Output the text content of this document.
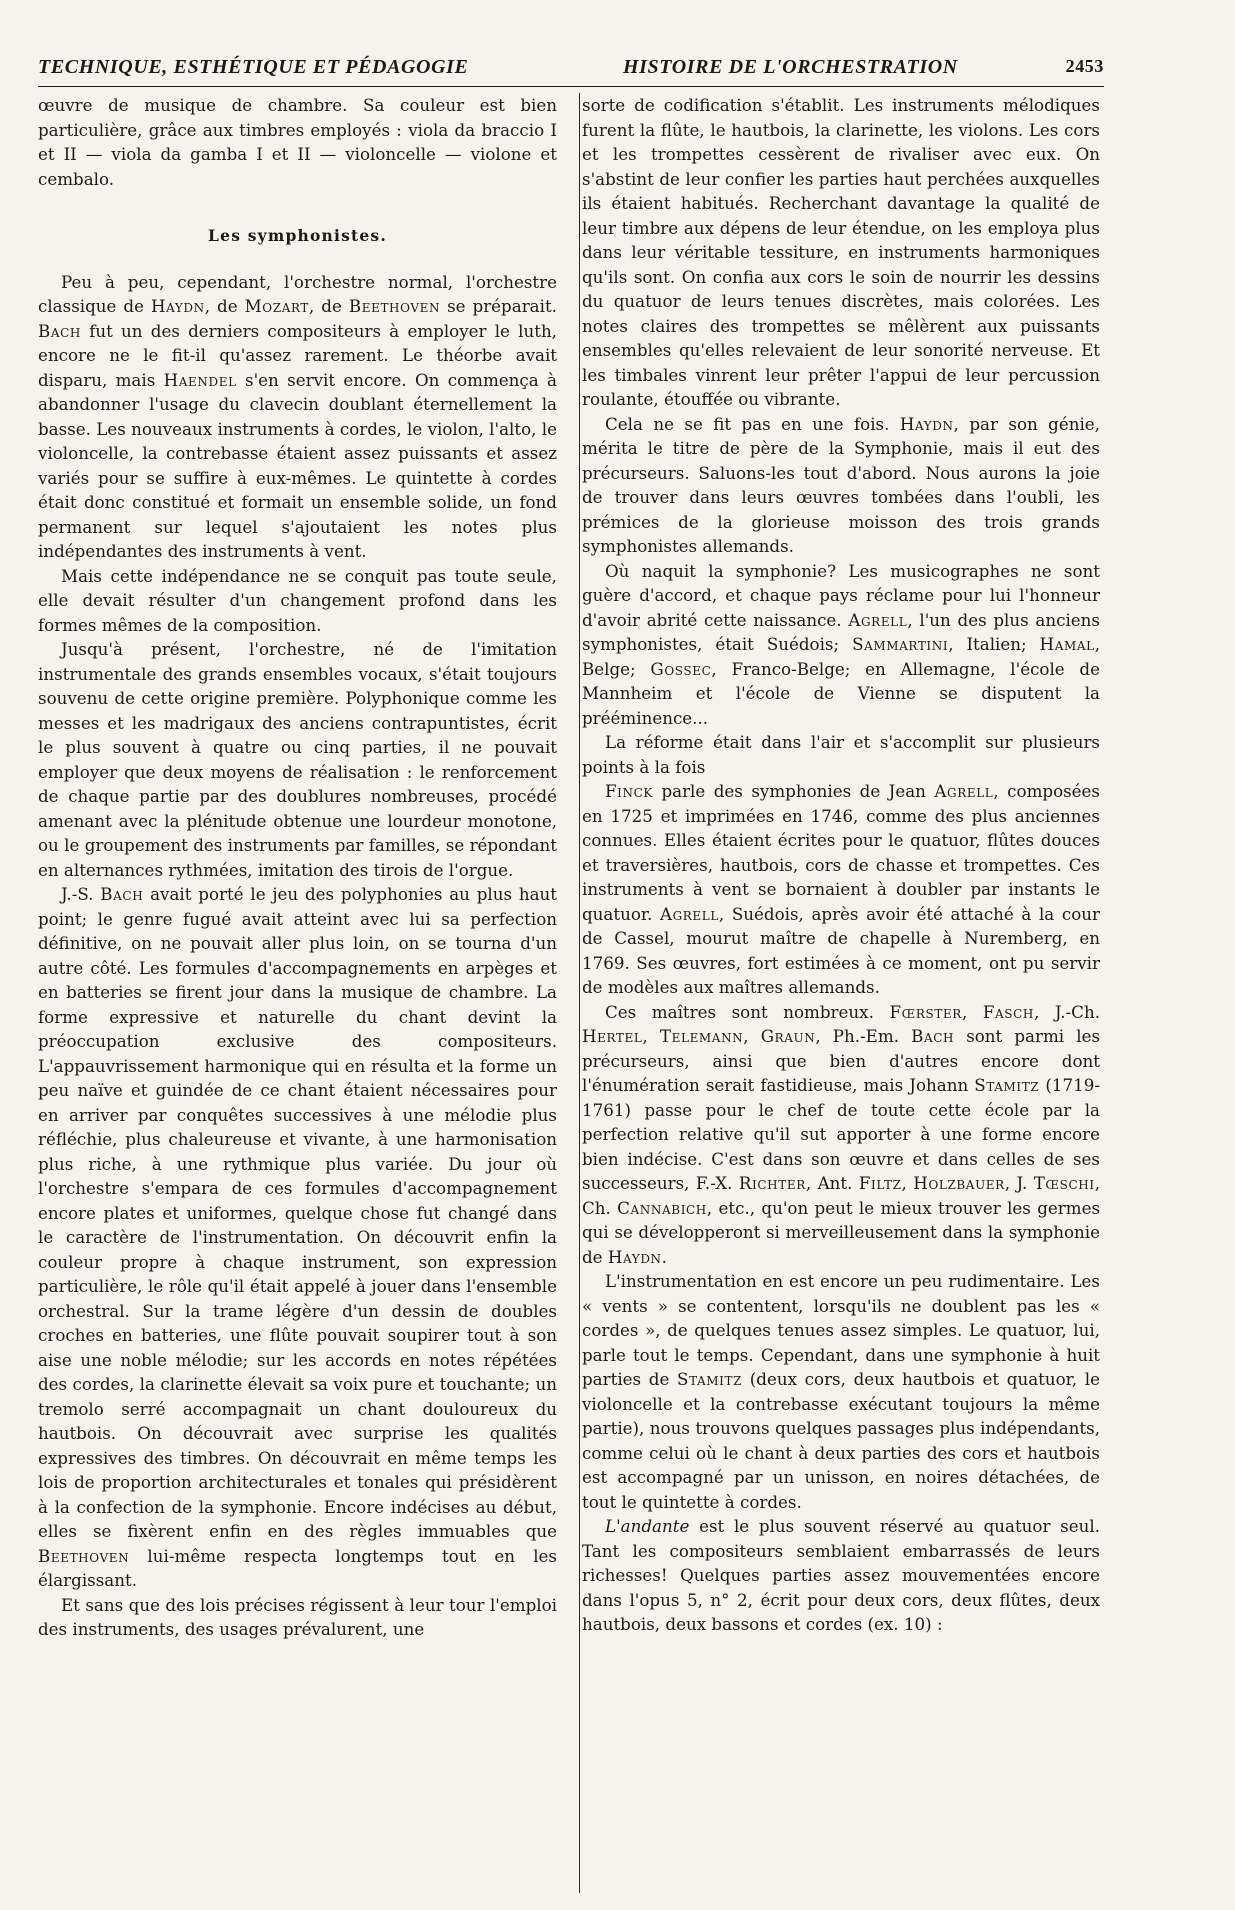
TECHNIQUE, ESTHÉTIQUE ET PÉDAGOGIE	HISTOIRE DE L'ORCHESTRATION	2453

œuvre de musique de chambre. Sa couleur est bien particulière, grâce aux timbres employés : viola da braccio I et II — viola da gamba I et II — violoncelle — violone et cembalo.

Les symphonistes.

Peu à peu, cependant, l'orchestre normal, l'orchestre classique de Haydn, de Mozart, de Beethoven se préparait. Bach fut un des derniers compositeurs à employer le luth, encore ne le fit-il qu'assez rarement. Le théorbe avait disparu, mais Haendel s'en servit encore. On commença à abandonner l'usage du clavecin doublant éternellement la basse. Les nouveaux instruments à cordes, le violon, l'alto, le violoncelle, la contrebasse étaient assez puissants et assez variés pour se suffire à eux-mêmes. Le quintette à cordes était donc constitué et formait un ensemble solide, un fond permanent sur lequel s'ajoutaient les notes plus indépendantes des instruments à vent.

Mais cette indépendance ne se conquit pas toute seule, elle devait résulter d'un changement profond dans les formes mêmes de la composition.

Jusqu'à présent, l'orchestre, né de l'imitation instrumentale des grands ensembles vocaux, s'était toujours souvenu de cette origine première. Polyphonique comme les messes et les madrigaux des anciens contrapuntistes, écrit le plus souvent à quatre ou cinq parties, il ne pouvait employer que deux moyens de réalisation : le renforcement de chaque partie par des doublures nombreuses, procédé amenant avec la plénitude obtenue une lourdeur monotone, ou le groupement des instruments par familles, se répondant en alternances rythmées, imitation des tirois de l'orgue.

J.-S. Bach avait porté le jeu des polyphonies au plus haut point; le genre fugué avait atteint avec lui sa perfection définitive, on ne pouvait aller plus loin, on se tourna d'un autre côté. Les formules d'accompagnements en arpèges et en batteries se firent jour dans la musique de chambre. La forme expressive et naturelle du chant devint la préoccupation exclusive des compositeurs. L'appauvrissement harmonique qui en résulta et la forme un peu naïve et guindée de ce chant étaient nécessaires pour en arriver par conquêtes successives à une mélodie plus réfléchie, plus chaleureuse et vivante, à une harmonisation plus riche, à une rythmique plus variée. Du jour où l'orchestre s'empara de ces formules d'accompagnement encore plates et uniformes, quelque chose fut changé dans le caractère de l'instrumentation. On découvrit enfin la couleur propre à chaque instrument, son expression particulière, le rôle qu'il était appelé à jouer dans l'ensemble orchestral. Sur la trame légère d'un dessin de doubles croches en batteries, une flûte pouvait soupirer tout à son aise une noble mélodie; sur les accords en notes répétées des cordes, la clarinette élevait sa voix pure et touchante; un tremolo serré accompagnait un chant douloureux du hautbois. On découvrait avec surprise les qualités expressives des timbres. On découvrait en même temps les lois de proportion architecturales et tonales qui présidèrent à la confection de la symphonie. Encore indécises au début, elles se fixèrent enfin en des règles immuables que Beethoven lui-même respecta longtemps tout en les élargissant.

Et sans que des lois précises régissent à leur tour l'emploi des instruments, des usages prévalurent, une

sorte de codification s'établit. Les instruments mélodiques furent la flûte, le hautbois, la clarinette, les violons. Les cors et les trompettes cessèrent de rivaliser avec eux. On s'abstint de leur confier les parties haut perchées auxquelles ils étaient habitués. Recherchant davantage la qualité de leur timbre aux dépens de leur étendue, on les employa plus dans leur véritable tessiture, en instruments harmoniques qu'ils sont. On confia aux cors le soin de nourrir les dessins du quatuor de leurs tenues discrètes, mais colorées. Les notes claires des trompettes se mêlèrent aux puissants ensembles qu'elles relevaient de leur sonorité nerveuse. Et les timbales vinrent leur prêter l'appui de leur percussion roulante, étouffée ou vibrante.

Cela ne se fit pas en une fois. Haydn, par son génie, mérita le titre de père de la Symphonie, mais il eut des précurseurs. Saluons-les tout d'abord. Nous aurons la joie de trouver dans leurs œuvres tombées dans l'oubli, les prémices de la glorieuse moisson des trois grands symphonistes allemands.

Où naquit la symphonie? Les musicographes ne sont guère d'accord, et chaque pays réclame pour lui l'honneur d'avoir abrité cette naissance. Agrell, l'un des plus anciens symphonistes, était Suédois; Sammartini, Italien; Hamal, Belge; Gossec, Franco-Belge; en Allemagne, l'école de Mannheim et l'école de Vienne se disputent la prééminence...

La réforme était dans l'air et s'accomplit sur plusieurs points à la fois

Finck parle des symphonies de Jean Agrell, composées en 1725 et imprimées en 1746, comme des plus anciennes connues. Elles étaient écrites pour le quatuor, flûtes douces et traversières, hautbois, cors de chasse et trompettes. Ces instruments à vent se bornaient à doubler par instants le quatuor. Agrell, Suédois, après avoir été attaché à la cour de Cassel, mourut maître de chapelle à Nuremberg, en 1769. Ses œuvres, fort estimées à ce moment, ont pu servir de modèles aux maîtres allemands.

Ces maîtres sont nombreux. Fœrster, Fasch, J.-Ch. Hertel, Telemann, Graun, Ph.-Em. Bach sont parmi les précurseurs, ainsi que bien d'autres encore dont l'énumération serait fastidieuse, mais Johann Stamitz (1719-1761) passe pour le chef de toute cette école par la perfection relative qu'il sut apporter à une forme encore bien indécise. C'est dans son œuvre et dans celles de ses successeurs, F.-X. Richter, Ant. Filtz, Holzbauer, J. Tœschi, Ch. Cannabich, etc., qu'on peut le mieux trouver les germes qui se développeront si merveilleusement dans la symphonie de Haydn.

L'instrumentation en est encore un peu rudimentaire. Les « vents » se contentent, lorsqu'ils ne doublent pas les « cordes », de quelques tenues assez simples. Le quatuor, lui, parle tout le temps. Cependant, dans une symphonie à huit parties de Stamitz (deux cors, deux hautbois et quatuor, le violoncelle et la contrebasse exécutant toujours la même partie), nous trouvons quelques passages plus indépendants, comme celui où le chant à deux parties des cors et hautbois est accompagné par un unisson, en noires détachées, de tout le quintette à cordes.

L'andante est le plus souvent réservé au quatuor seul. Tant les compositeurs semblaient embarrassés de leurs richesses! Quelques parties assez mouvementées encore dans l'opus 5, n° 2, écrit pour deux cors, deux flûtes, deux hautbois, deux bassons et cordes (ex. 10) :
